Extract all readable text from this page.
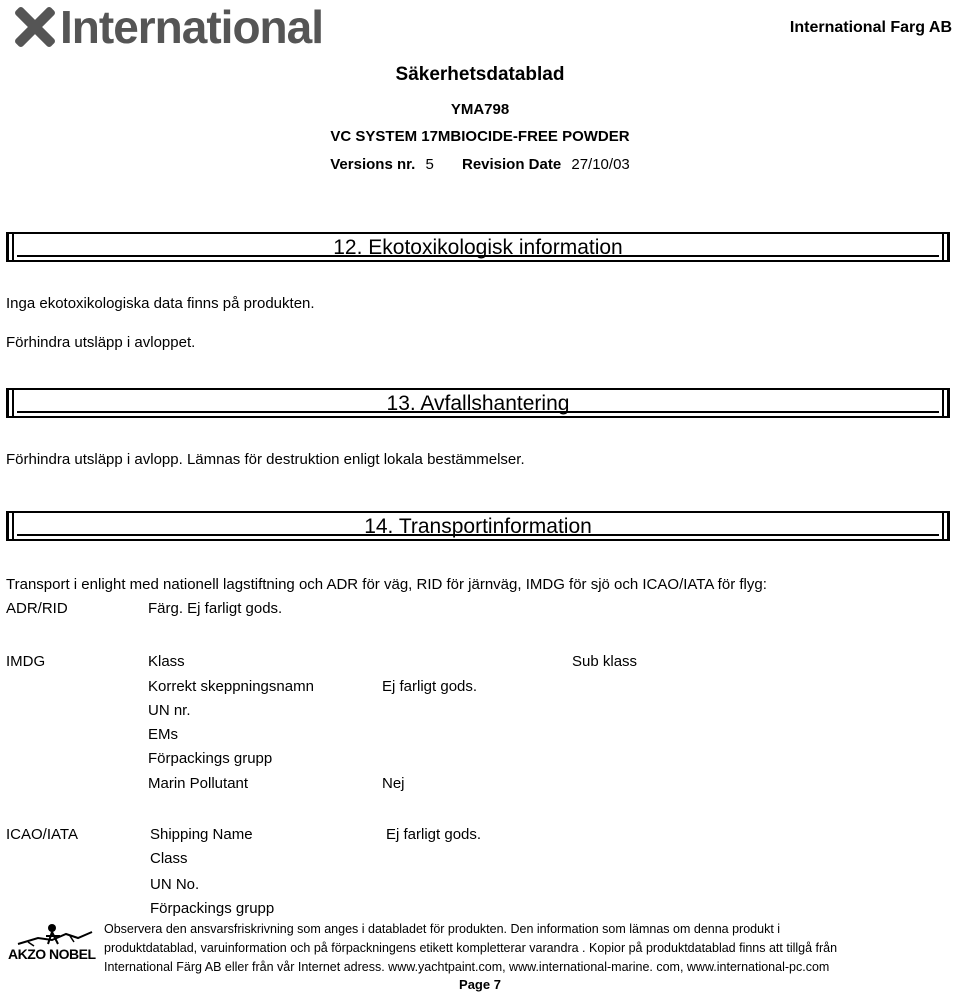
International	International Farg AB
Säkerhetsdatablad
YMA798
VC SYSTEM 17MBIOCIDE-FREE POWDER
Versions nr. 5 Revision Date 27/10/03
12. Ekotoxikologisk information
Inga ekotoxikologiska data finns på produkten.
Förhindra utsläpp i avloppet.
13. Avfallshantering
Förhindra utsläpp i avlopp. Lämnas för destruktion enligt lokala bestämmelser.
14. Transportinformation
Transport i enlight med nationell lagstiftning och ADR för väg, RID för järnväg, IMDG för sjö och ICAO/IATA för flyg:
ADR/RID	Färg. Ej farligt gods.
IMDG	Klass	Sub klass
Korrekt skeppningsnamn	Ej farligt gods.
UN nr.
EMs
Förpackings grupp
Marin Pollutant	Nej
ICAO/IATA	Shipping Name	Ej farligt gods.
Class
UN No.
Förpackings grupp
AKZO NOBEL
Observera den ansvarsfriskrivning som anges i databladet för produkten. Den information som lämnas om denna produkt i
produktdatablad, varuinformation och på förpackningens etikett kompletterar varandra . Kopior på produktdatablad finns att tillgå från
International Färg AB eller från vår Internet adress. www.yachtpaint.com, www.international-marine. com, www.international-pc.com
Page 7
